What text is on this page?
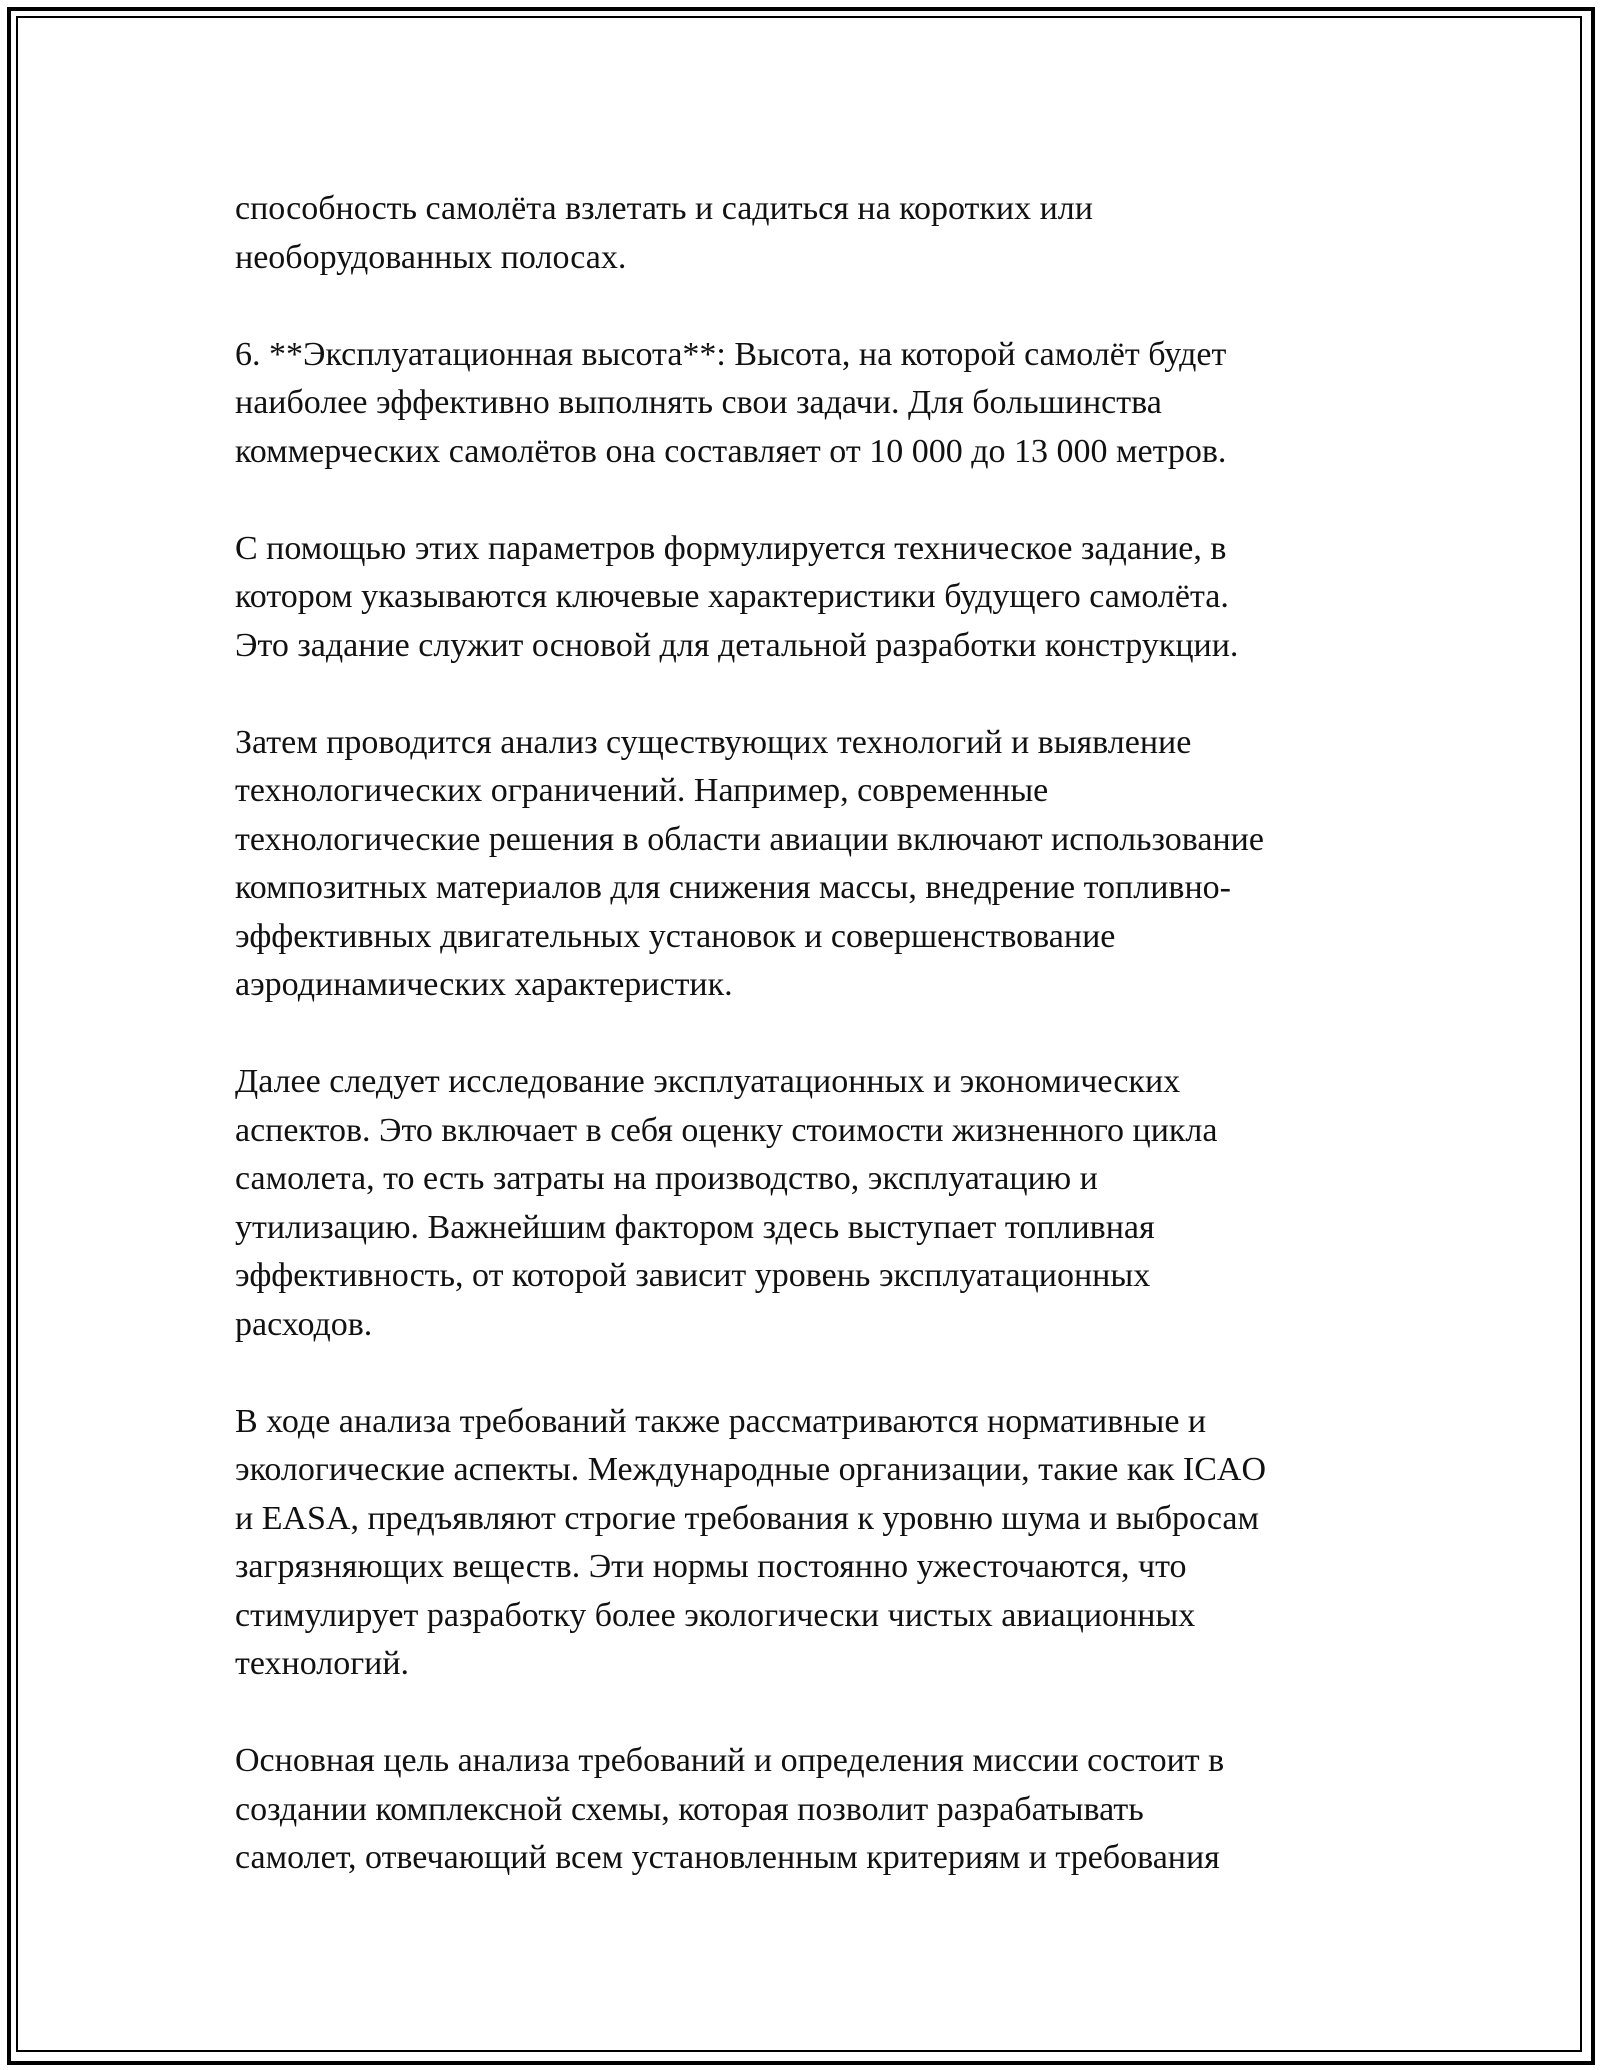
способность самолёта взлетать и садиться на коротких или
необорудованных полосах.

6. **Эксплуатационная высота**: Высота, на которой самолёт будет
наиболее эффективно выполнять свои задачи. Для большинства
коммерческих самолётов она составляет от 10 000 до 13 000 метров.

С помощью этих параметров формулируется техническое задание, в
котором указываются ключевые характеристики будущего самолёта.
Это задание служит основой для детальной разработки конструкции.

Затем проводится анализ существующих технологий и выявление
технологических ограничений. Например, современные
технологические решения в области авиации включают использование
композитных материалов для снижения массы, внедрение топливно-
эффективных двигательных установок и совершенствование
аэродинамических характеристик.

Далее следует исследование эксплуатационных и экономических
аспектов. Это включает в себя оценку стоимости жизненного цикла
самолета, то есть затраты на производство, эксплуатацию и
утилизацию. Важнейшим фактором здесь выступает топливная
эффективность, от которой зависит уровень эксплуатационных
расходов.

В ходе анализа требований также рассматриваются нормативные и
экологические аспекты. Международные организации, такие как ICAO
и EASA, предъявляют строгие требования к уровню шума и выбросам
загрязняющих веществ. Эти нормы постоянно ужесточаются, что
стимулирует разработку более экологически чистых авиационных
технологий.

Основная цель анализа требований и определения миссии состоит в
создании комплексной схемы, которая позволит разрабатывать
самолет, отвечающий всем установленным критериям и требования
